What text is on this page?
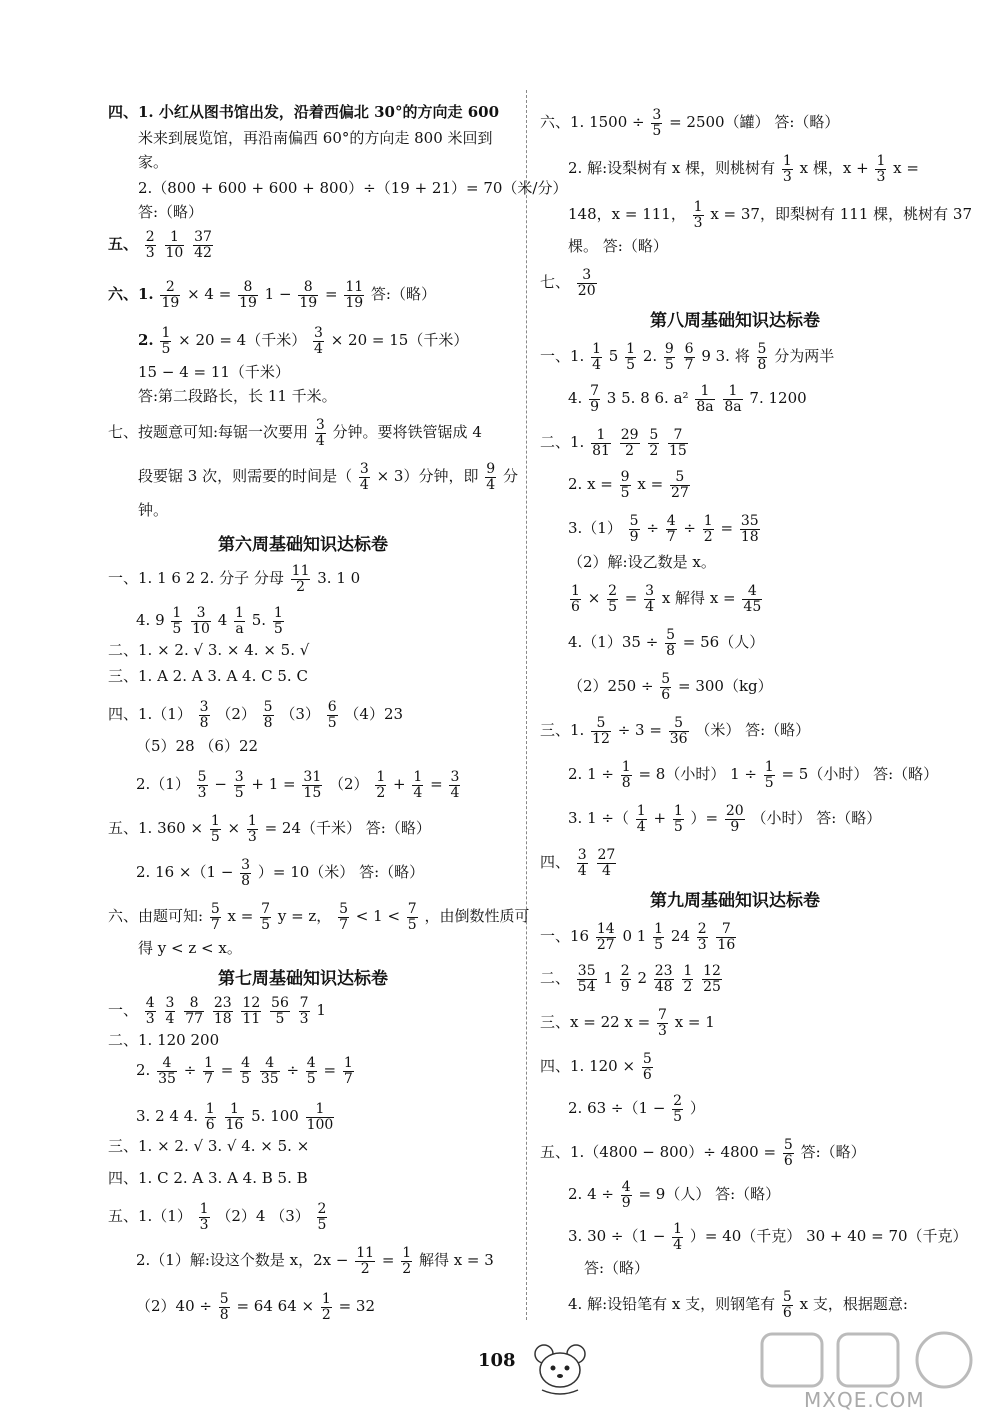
四、1. 小红从图书馆出发，沿着西偏北 30°的方向走 600
米来到展览馆，再沿南偏西 60°的方向走 800 米回到
家。
2.（800 + 600 + 600 + 800）÷（19 + 21）= 70（米/分）
答:（略）
五、 $\frac{2}{3}$
$\frac{1}{10}$
$\frac{37}{42}$
六、1. $\frac{2}{19} \times 4 = \frac{8}{19} 1 - \frac{8}{19} = \frac{11}{19}$ 答:（略）
2. $\frac{1}{5} \times 20 = 4$（千米） $\frac{3}{4} \times 20 = 15$（千米）
15 − 4 = 11（千米）
答:第二段路长，长 11 千米。
七、按题意可知:每锯一次要用 $\frac{3}{4}$ 分钟。要将铁管锯成 4
段要锯 3 次，则需要的时间是（ $\frac{3}{4} \times 3$）分钟，即 $\frac{9}{4}$ 分
钟。
第六周基础知识达标卷
一、1. 1 6 2 2. 分子 分母 $\frac{11}{2} 3$. 1 0
4. $9 \frac{1}{5}$
$\frac{3}{10} 4 \frac{1}{a} 5$. $\frac{1}{5}$
二、1. × 2. √ 3. × 4. × 5. √
三、1. A 2. A 3. A 4. C 5. C
四、$1.(1) \frac{3}{8} (2) \frac{5}{8} (3) \frac{6}{5} (4)23$
（5）28 （6）22
$2.(1) \frac{5}{3} - \frac{3}{5} + 1 = \frac{31}{15} (2) \frac{1}{2} + \frac{1}{4} = \frac{3}{4}$
五、1. $360 \times \frac{1}{5} \times \frac{1}{3} = 24$（千米） 答:（略）
2. $16 \times(1 - \frac{3}{8}$ ）= 10（米） 答:（略）
六、由题可知: $\frac{5}{7}$ $x = \frac{7}{5}$ y = z， $\frac{5}{7} < 1 < \frac{7}{5}$ ，由倒数性质可
得 y < z < x。
第七周基础知识达标卷
一、 $\frac{4}{3}$
$\frac{3}{4}$
$\frac{8}{77}$
$\frac{23}{18}$
$\frac{12}{11}$
$\frac{56}{5}$
$\frac{7}{3} 1$
二、1. 120 200
2. $\frac{4}{35} \div \frac{1}{7} = \frac{4}{5}$
$\frac{4}{35} \div \frac{4}{5} = \frac{1}{7}$
3. 2 4 4. $\frac{1}{6}$
$\frac{1}{16} 5$. $100 \frac{1}{100}$
三、1. × 2. √ 3. √ 4. × 5. ×
四、1. C 2. A 3. A 4. B 5. B
五、$1.(1) \frac{1}{3} (2)4$ $(3) \frac{2}{5}$
2.（1）解:设这个数是 x，$2x - \frac{11}{2} = \frac{1}{2}$ 解得 x = 3
$(2)40 \div \frac{5}{8} = 64$ $64 \times \frac{1}{2} = 32$
六、1. $1500 \div \frac{3}{5} = 2500$（罐） 答:（略）
2. 解:设梨树有 x 棵，则桃树有 $\frac{1}{3}$ x 棵，$x + \frac{1}{3}$ x =
148，x = 111， $\frac{1}{3}$ x = 37，即梨树有 111 棵，桃树有 37
棵。 答:（略）
七、 $\frac{3}{20}$
第八周基础知识达标卷
一、1. $\frac{1}{4} 5 \frac{1}{5} 2$. $\frac{9}{5}$
$\frac{6}{7} 9$ 3. 将 $\frac{5}{8}$ 分为两半
4. $\frac{7}{9} 3$ 5. 8 6. $a^2 \frac{1}{8a}$
$\frac{1}{8a} 7$. 1200
二、1. $\frac{1}{81}$
$\frac{29}{2}$
$\frac{5}{2}$
$\frac{7}{15}$
2. $x = \frac{9}{5}$ $x = \frac{5}{27}$
$3.(1) \frac{5}{9} \div \frac{4}{7} \div \frac{1}{2} = \frac{35}{18}$
（2）解:设乙数是 x。
$\frac{1}{6} \times \frac{2}{5} = \frac{3}{4}$ x 解得 $x = \frac{4}{45}$
$4.(1)35 \div \frac{5}{8} = 56$（人）
$(2)250 \div \frac{5}{6} = 300(kg)$
三、1. $\frac{5}{12} \div 3 = \frac{5}{36}$ （米） 答:（略）
2. $1 \div \frac{1}{8} = 8$（小时） $1 \div \frac{1}{5} = 5$（小时） 答:（略）
3. 1 ÷（ $\frac{1}{4} + \frac{1}{5}$ ）= $\frac{20}{9}$ （小时） 答:（略）
四、 $\frac{3}{4}$
$\frac{27}{4}$
第九周基础知识达标卷
一、$16 \frac{14}{27} 0$ $1 \frac{1}{5} 24 \frac{2}{3}$
$\frac{7}{16}$
二、 $\frac{35}{54} 1 \frac{2}{9} 2 \frac{23}{48}$
$\frac{1}{2}$
$\frac{12}{25}$
三、x = 22 $x = \frac{7}{3}$ x = 1
四、1. $120 \times \frac{5}{6}$
2. $63 \div(1 - \frac{2}{5}$ ）
五、$1.(4800 - 800)\div 4800 = \frac{5}{6}$ 答:（略）
2. $4 \div \frac{4}{9} = 9$（人） 答:（略）
3. $30 \div(1 - \frac{1}{4}$ ）= 40（千克） 30 + 40 = 70（千克）
答:（略）
4. 解:设铅笔有 x 支，则钢笔有 $\frac{5}{6}$ x 支，根据题意:
108
MXQE.COM
